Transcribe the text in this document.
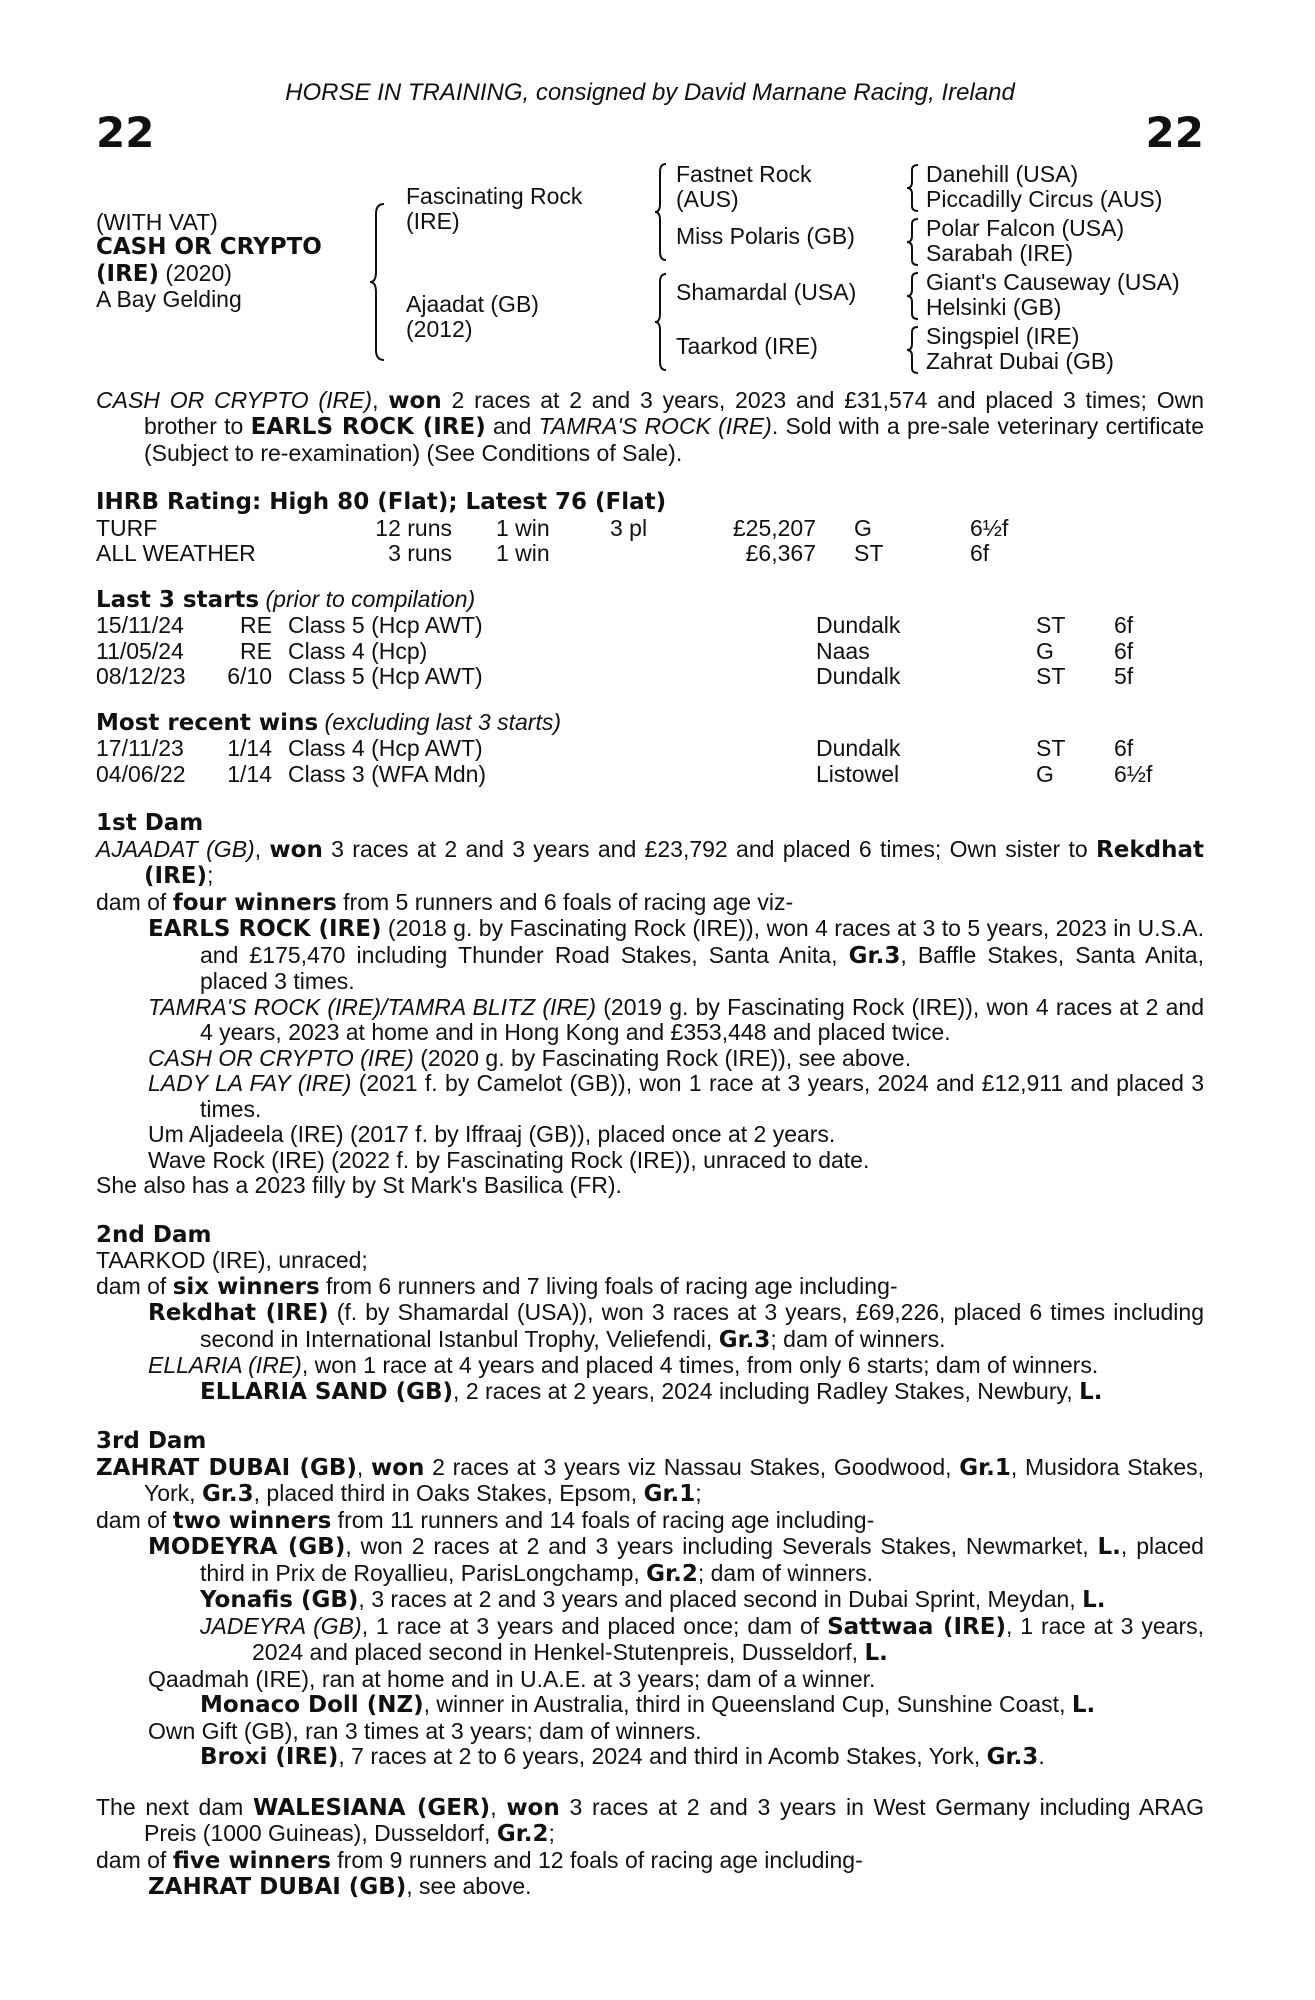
HORSE IN TRAINING, consigned by David Marnane Racing, Ireland
22	22
(WITH VAT)
CASH OR CRYPTO
(IRE) (2020)
A Bay Gelding
Fascinating Rock
(IRE)
Ajaadat (GB)
(2012)
Fastnet Rock
(AUS)
Miss Polaris (GB)
Shamardal (USA)
Taarkod (IRE)
Danehill (USA)
Piccadilly Circus (AUS)
Polar Falcon (USA)
Sarabah (IRE)
Giant's Causeway (USA)
Helsinki (GB)
Singspiel (IRE)
Zahrat Dubai (GB)
CASH OR CRYPTO (IRE), won 2 races at 2 and 3 years, 2023 and £31,574 and placed 3 times; Own brother to EARLS ROCK (IRE) and TAMRA'S ROCK (IRE). Sold with a pre-sale veterinary certificate (Subject to re-examination) (See Conditions of Sale).
IHRB Rating: High 80 (Flat); Latest 76 (Flat)
TURF	12 runs 1 win	3 pl	£25,207 G	6½f
ALL WEATHER	3 runs 1 win	£6,367 ST	6f
Last 3 starts (prior to compilation)
15/11/24	RE Class 5 (Hcp AWT)	Dundalk	ST 6f
11/05/24	RE Class 4 (Hcp)	Naas	G	6f
08/12/23	6/10 Class 5 (Hcp AWT)	Dundalk	ST 5f
Most recent wins (excluding last 3 starts)
17/11/23	1/14 Class 4 (Hcp AWT)	Dundalk	ST 6f
04/06/22	1/14 Class 3 (WFA Mdn)	Listowel	G	6½f
1st Dam
AJAADAT (GB), won 3 races at 2 and 3 years and £23,792 and placed 6 times; Own sister to Rekdhat (IRE);
dam of four winners from 5 runners and 6 foals of racing age viz-
EARLS ROCK (IRE) (2018 g. by Fascinating Rock (IRE)), won 4 races at 3 to 5 years, 2023 in U.S.A. and £175,470 including Thunder Road Stakes, Santa Anita, Gr.3, Baffle Stakes, Santa Anita, placed 3 times.
TAMRA'S ROCK (IRE)/TAMRA BLITZ (IRE) (2019 g. by Fascinating Rock (IRE)), won 4 races at 2 and 4 years, 2023 at home and in Hong Kong and £353,448 and placed twice.
CASH OR CRYPTO (IRE) (2020 g. by Fascinating Rock (IRE)), see above.
LADY LA FAY (IRE) (2021 f. by Camelot (GB)), won 1 race at 3 years, 2024 and £12,911 and placed 3 times.
Um Aljadeela (IRE) (2017 f. by Iffraaj (GB)), placed once at 2 years.
Wave Rock (IRE) (2022 f. by Fascinating Rock (IRE)), unraced to date.
She also has a 2023 filly by St Mark's Basilica (FR).
2nd Dam
TAARKOD (IRE), unraced;
dam of six winners from 6 runners and 7 living foals of racing age including-
Rekdhat (IRE) (f. by Shamardal (USA)), won 3 races at 3 years, £69,226, placed 6 times including second in International Istanbul Trophy, Veliefendi, Gr.3; dam of winners.
ELLARIA (IRE), won 1 race at 4 years and placed 4 times, from only 6 starts; dam of winners.
ELLARIA SAND (GB), 2 races at 2 years, 2024 including Radley Stakes, Newbury, L.
3rd Dam
ZAHRAT DUBAI (GB), won 2 races at 3 years viz Nassau Stakes, Goodwood, Gr.1, Musidora Stakes, York, Gr.3, placed third in Oaks Stakes, Epsom, Gr.1;
dam of two winners from 11 runners and 14 foals of racing age including-
MODEYRA (GB), won 2 races at 2 and 3 years including Severals Stakes, Newmarket, L., placed third in Prix de Royallieu, ParisLongchamp, Gr.2; dam of winners.
Yonafis (GB), 3 races at 2 and 3 years and placed second in Dubai Sprint, Meydan, L.
JADEYRA (GB), 1 race at 3 years and placed once; dam of Sattwaa (IRE), 1 race at 3 years, 2024 and placed second in Henkel-Stutenpreis, Dusseldorf, L.
Qaadmah (IRE), ran at home and in U.A.E. at 3 years; dam of a winner.
Monaco Doll (NZ), winner in Australia, third in Queensland Cup, Sunshine Coast, L.
Own Gift (GB), ran 3 times at 3 years; dam of winners.
Broxi (IRE), 7 races at 2 to 6 years, 2024 and third in Acomb Stakes, York, Gr.3.
The next dam WALESIANA (GER), won 3 races at 2 and 3 years in West Germany including ARAG Preis (1000 Guineas), Dusseldorf, Gr.2;
dam of five winners from 9 runners and 12 foals of racing age including-
ZAHRAT DUBAI (GB), see above.
